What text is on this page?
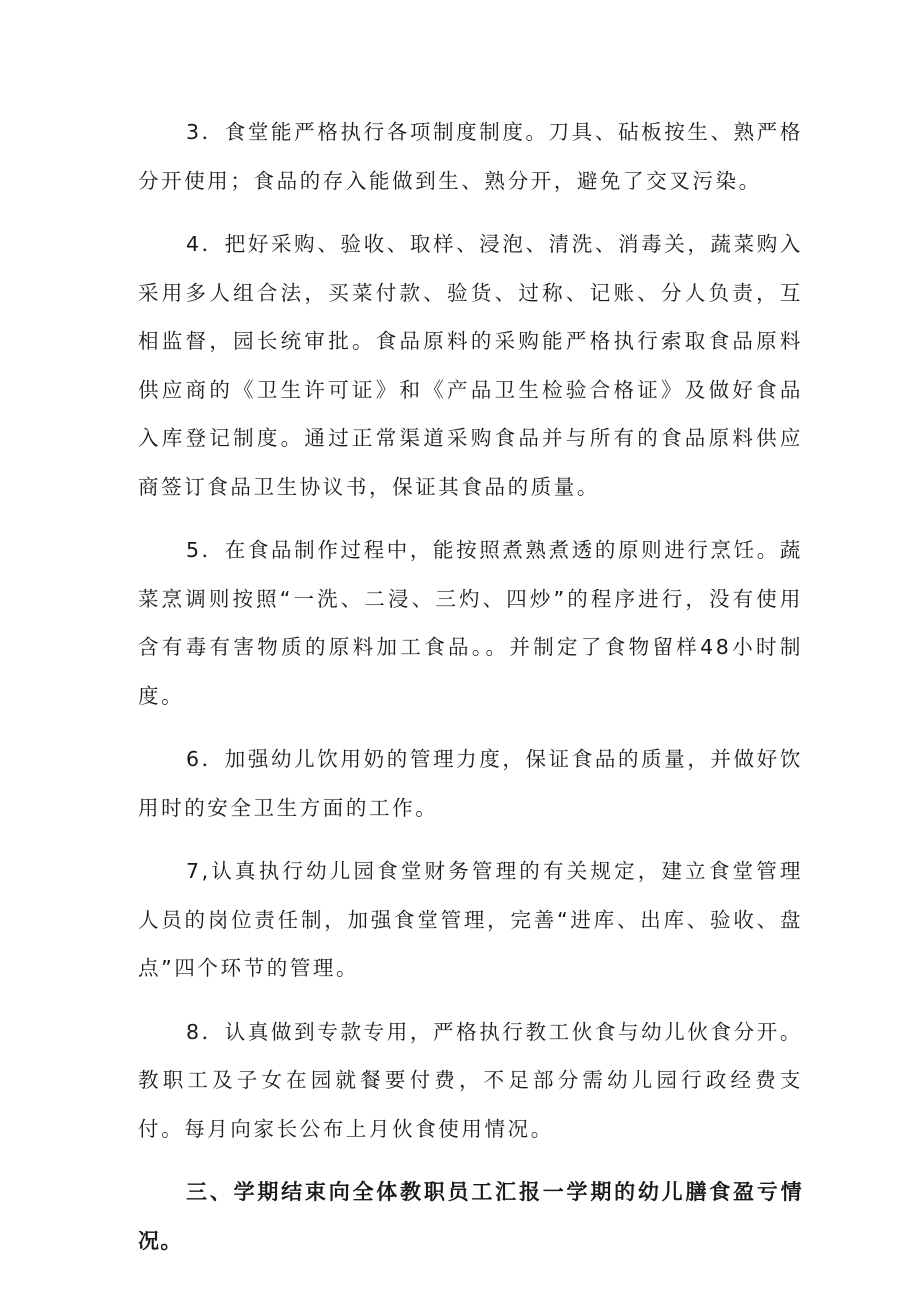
3．食堂能严格执行各项制度制度。刀具、砧板按生、熟严格分开使用；食品的存入能做到生、熟分开，避免了交叉污染。

4．把好采购、验收、取样、浸泡、清洗、消毒关，蔬菜购入采用多人组合法，买菜付款、验货、过称、记账、分人负责，互相监督，园长统审批。食品原料的采购能严格执行索取食品原料供应商的《卫生许可证》和《产品卫生检验合格证》及做好食品入库登记制度。通过正常渠道采购食品并与所有的食品原料供应商签订食品卫生协议书，保证其食品的质量。

5．在食品制作过程中，能按照煮熟煮透的原则进行烹饪。蔬菜烹调则按照“一洗、二浸、三灼、四炒”的程序进行，没有使用含有毒有害物质的原料加工食品。。并制定了食物留样48小时制度。

6．加强幼儿饮用奶的管理力度，保证食品的质量，并做好饮用时的安全卫生方面的工作。

7,认真执行幼儿园食堂财务管理的有关规定，建立食堂管理人员的岗位责任制，加强食堂管理，完善“进库、出库、验收、盘点”四个环节的管理。

8．认真做到专款专用，严格执行教工伙食与幼儿伙食分开。教职工及子女在园就餐要付费，不足部分需幼儿园行政经费支付。每月向家长公布上月伙食使用情况。

三、学期结束向全体教职员工汇报一学期的幼儿膳食盈亏情况。
